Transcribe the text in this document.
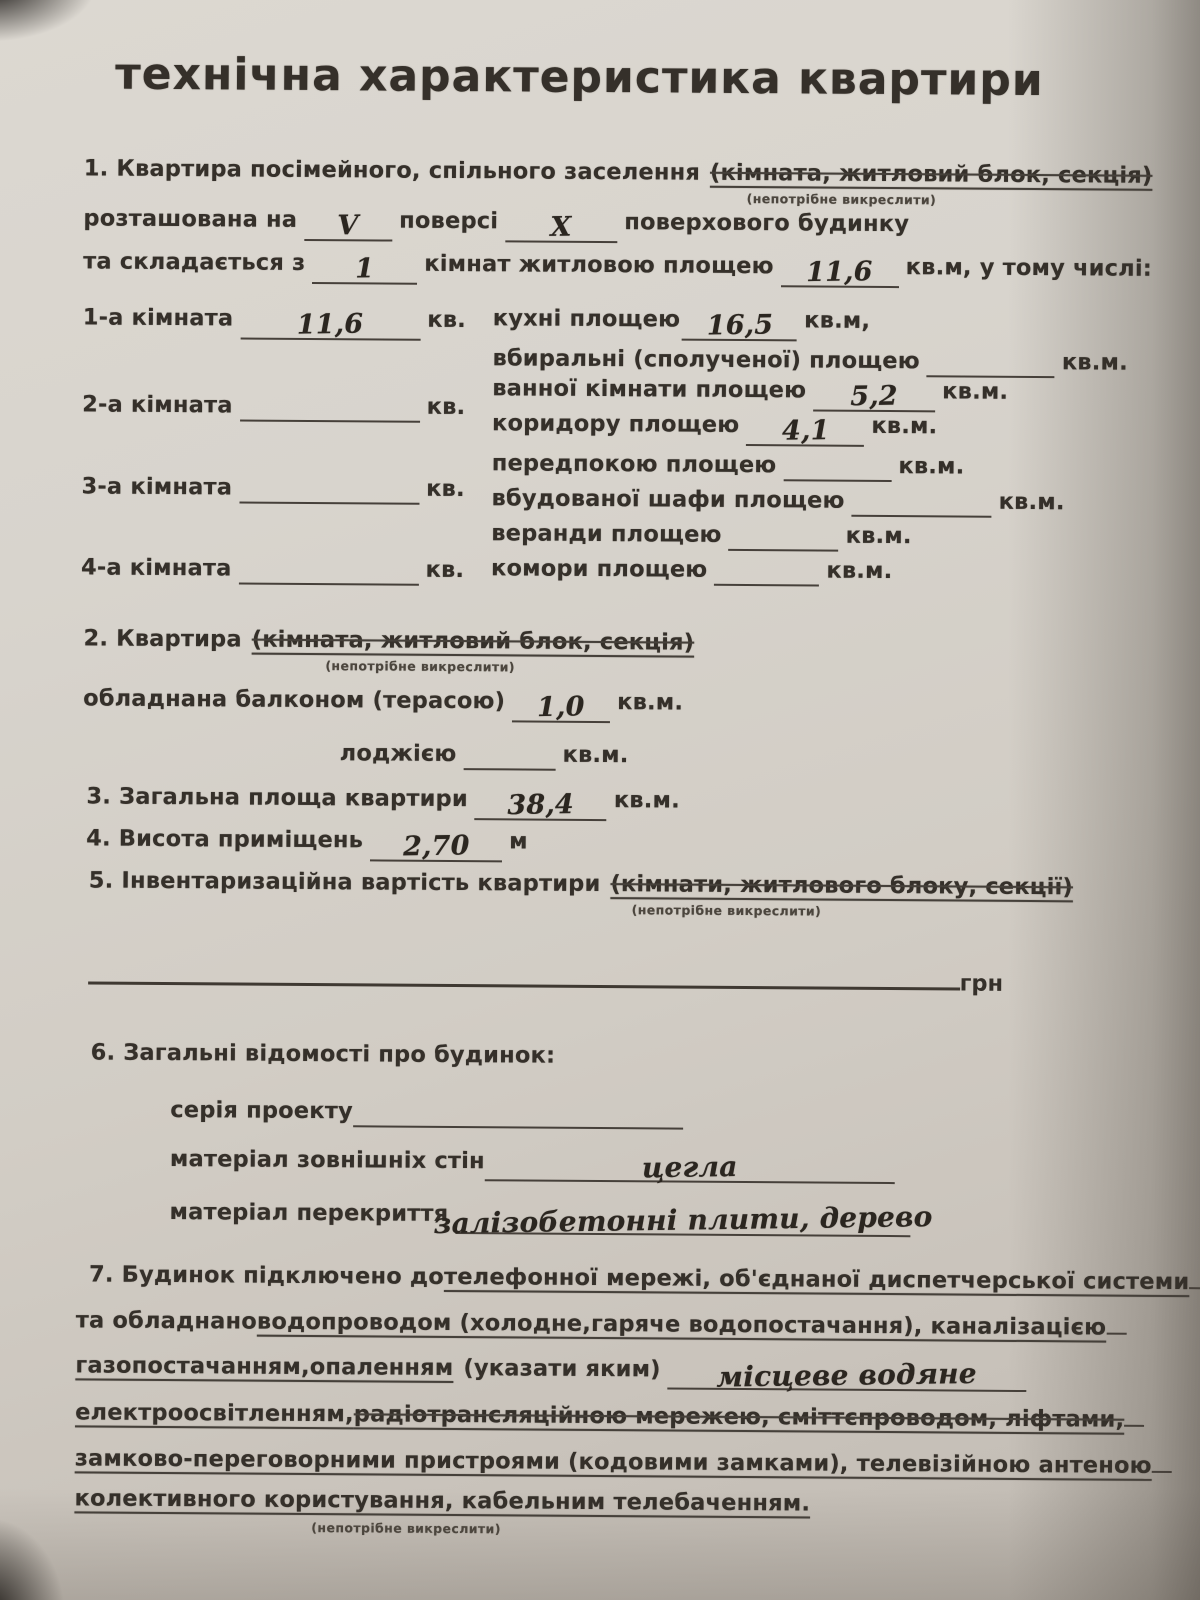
технічна характеристика квартири
1. Квартира посімейного, спільного заселення (кімната, житловий блок, секція)
(непотрібне викреслити)
розташована на V поверсі X поверхового будинку
та складається з 1 кімнат житловою площею 11,6 кв.м, у тому числі:
1-а кімната 11,6	кв.
2-а кімната	кв.
3-а кімната	кв.
4-а кімната	кв.
кухні площею 16,5 кв.м,
вбиральні (сполученої) площею	кв.м.
ванної кімнати площею 5,2 кв.м.
коридору площею 4,1 кв.м.
передпокою площею	кв.м.
вбудованої шафи площею	кв.м.
веранди площею	кв.м.
комори площею	кв.м.
2. Квартира (кімната, житловий блок, секція)
(непотрібне викреслити)
обладнана балконом (терасою) 1,0 кв.м.
лоджією	кв.м.
3. Загальна площа квартири 38,4 кв.м.
4. Висота приміщень 2,70 м
5. Інвентаризаційна вартість квартири (кімнати, житлового блоку, секції)
(непотрібне викреслити)
грн
6. Загальні відомості про будинок:
серія проекту
матеріал зовнішніх стін	цегла
матеріал перекриття
залізобетонні плити, дерево
7. Будинок підключено до телефонної мережі, об'єднаної диспетчерської системи
та обладнано водопроводом (холодне,гаряче водопостачання), каналізацією
газопостачанням,опаленням (указати яким) місцеве водяне
електроосвітленням, радіотрансляційною мережею, сміттєпроводом, ліфтами,
замково-переговорними пристроями (кодовими замками), телевізійною антеною
колективного користування, кабельним телебаченням.
(непотрібне викреслити)
